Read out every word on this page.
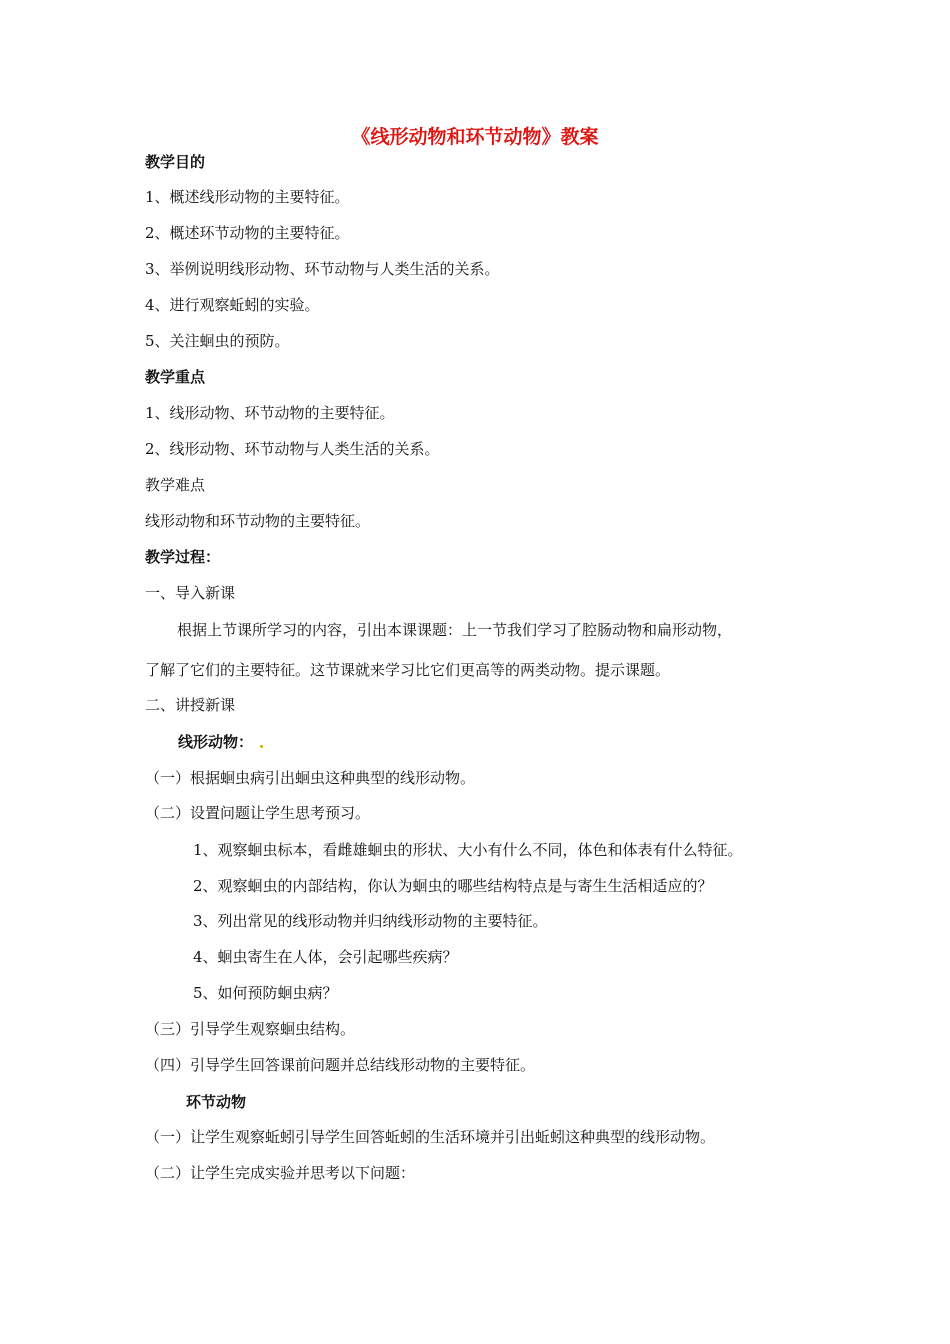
《线形动物和环节动物》教案
教学目的
1、概述线形动物的主要特征。
2、概述环节动物的主要特征。
3、举例说明线形动物、环节动物与人类生活的关系。
4、进行观察蚯蚓的实验。
5、关注蛔虫的预防。
教学重点
1、线形动物、环节动物的主要特征。
2、线形动物、环节动物与人类生活的关系。
教学难点
线形动物和环节动物的主要特征。
教学过程：
一、导入新课
根据上节课所学习的内容，引出本课课题：上一节我们学习了腔肠动物和扁形动物，
了解了它们的主要特征。这节课就来学习比它们更高等的两类动物。提示课题。
二、讲授新课
线形动物：
（一）根据蛔虫病引出蛔虫这种典型的线形动物。
（二）设置问题让学生思考预习。
1、观察蛔虫标本，看雌雄蛔虫的形状、大小有什么不同，体色和体表有什么特征。
2、观察蛔虫的内部结构，你认为蛔虫的哪些结构特点是与寄生生活相适应的？
3、列出常见的线形动物并归纳线形动物的主要特征。
4、蛔虫寄生在人体，会引起哪些疾病？
5、如何预防蛔虫病？
（三）引导学生观察蛔虫结构。
（四）引导学生回答课前问题并总结线形动物的主要特征。
环节动物
（一）让学生观察蚯蚓引导学生回答蚯蚓的生活环境并引出蚯蚓这种典型的线形动物。
（二）让学生完成实验并思考以下问题：
